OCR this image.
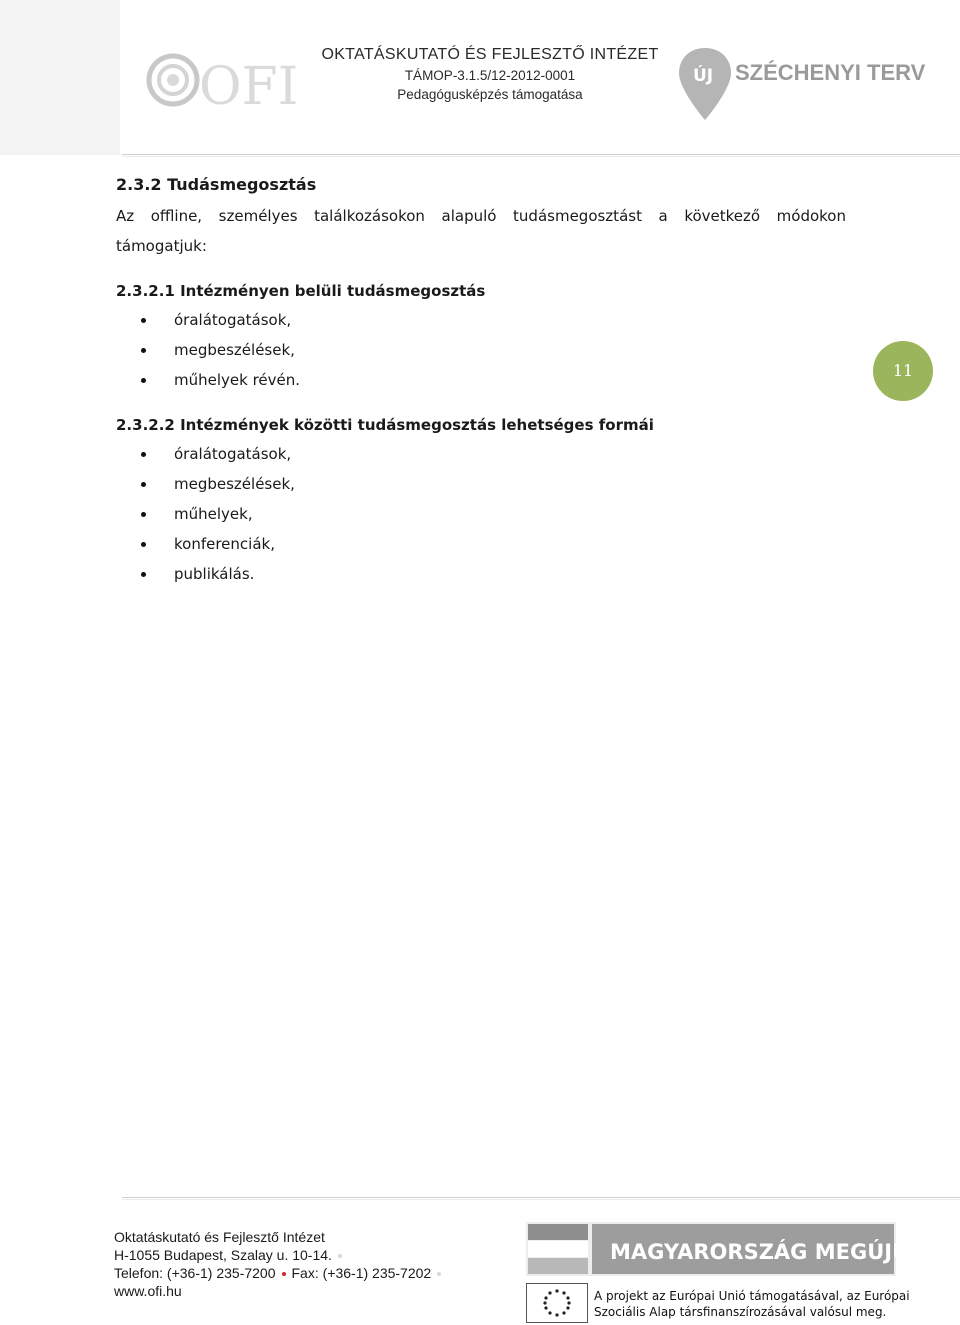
OFI
OKTATÁSKUTATÓ ÉS FEJLESZTŐ INTÉZET
TÁMOP-3.1.5/12-2012-0001
Pedagógusképzés támogatása
ÚJ SZÉCHENYI TERV
2.3.2 Tudásmegosztás

Az offline, személyes találkozásokon alapuló tudásmegosztást a következő módokon támogatjuk:

2.3.2.1 Intézményen belüli tudásmegosztás
óralátogatások,
megbeszélések,
műhelyek révén.
2.3.2.2 Intézmények közötti tudásmegosztás lehetséges formái
óralátogatások,
megbeszélések,
műhelyek,
konferenciák,
publikálás.
11
Oktatáskutató és Fejlesztő Intézet
H-1055 Budapest, Szalay u. 10-14.
Telefon: (+36-1) 235-7200 Fax: (+36-1) 235-7202
www.ofi.hu
MAGYARORSZÁG MEGÚJUL
A projekt az Európai Unió támogatásával, az Európai
Szociális Alap társfinanszírozásával valósul meg.
